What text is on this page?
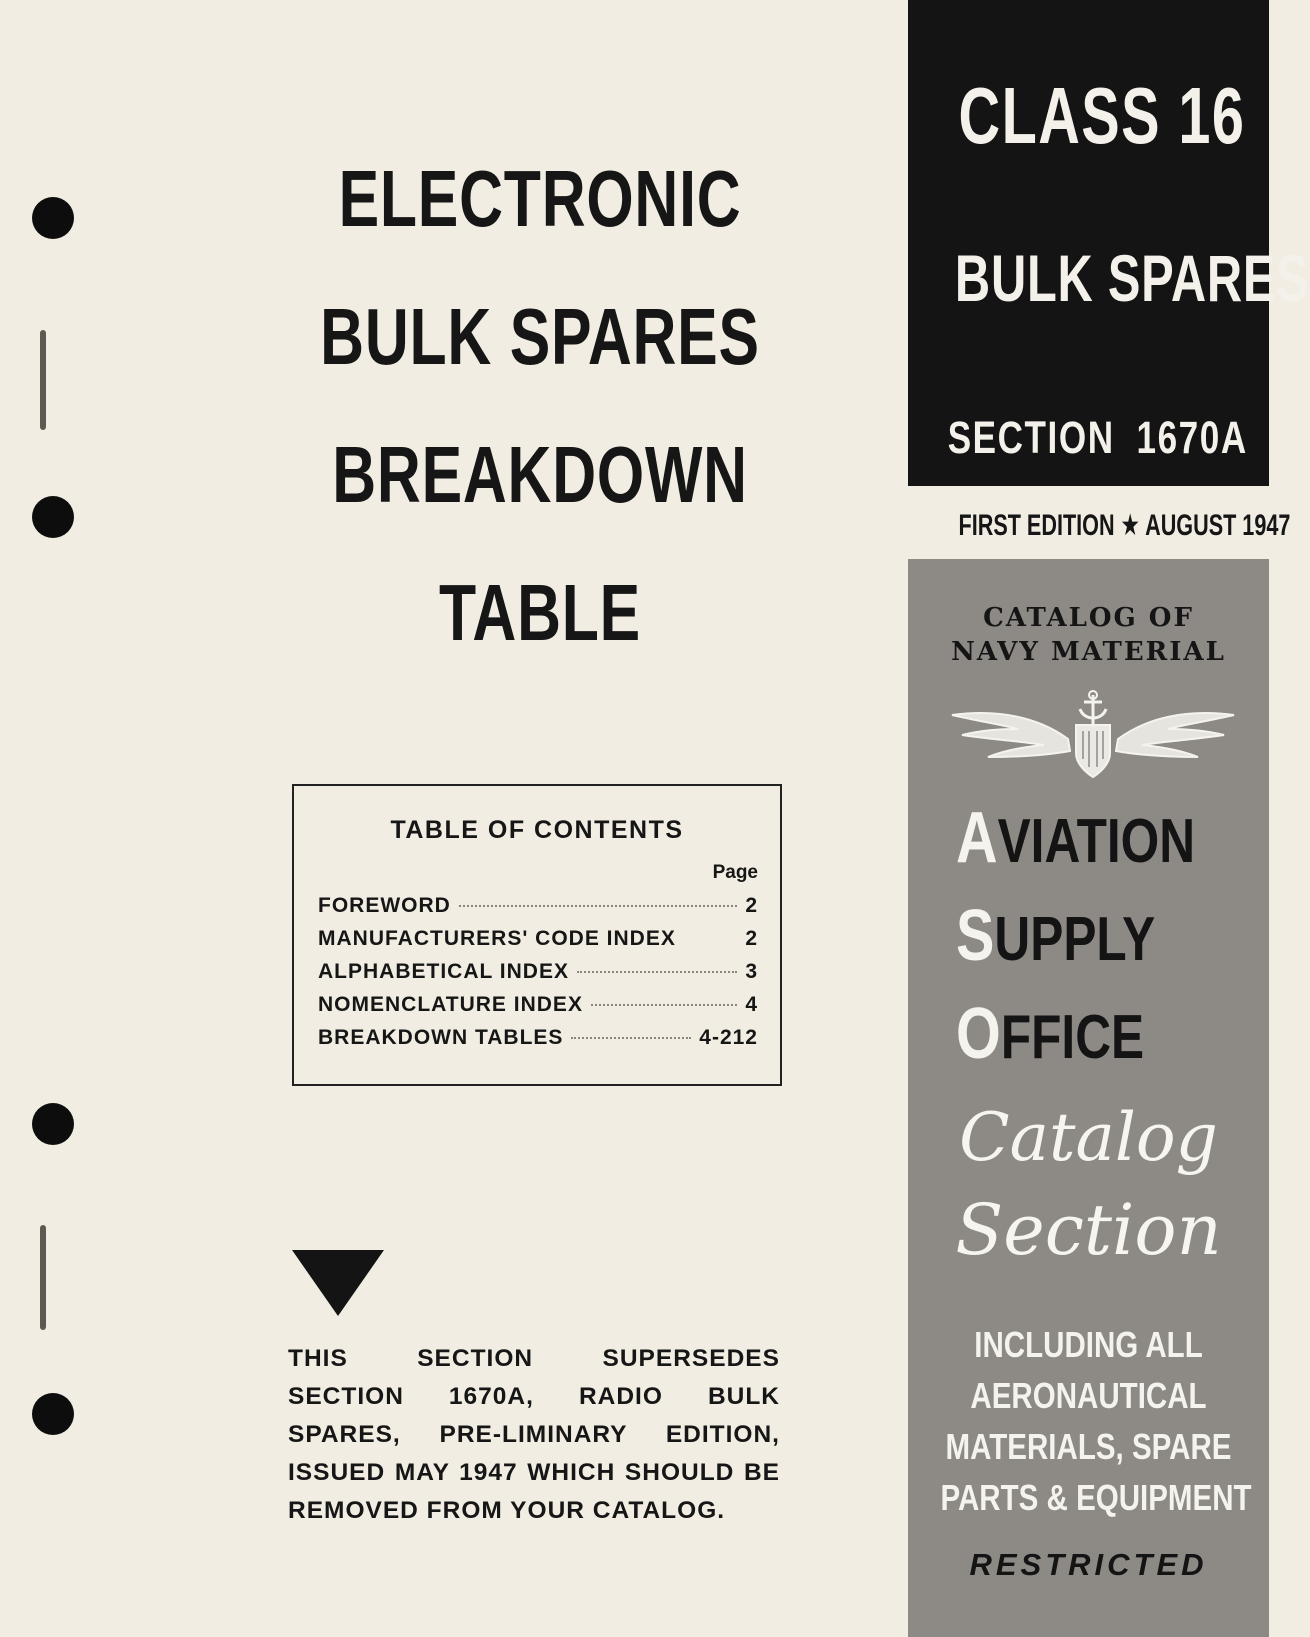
ELECTRONIC
BULK SPARES
BREAKDOWN
TABLE
TABLE OF CONTENTS
Page
FOREWORD	2
MANUFACTURERS' CODE INDEX	2
ALPHABETICAL INDEX	3
NOMENCLATURE INDEX	4
BREAKDOWN TABLES	4-212
THIS SECTION SUPERSEDES SECTION 1670A, RADIO BULK SPARES, PRE-LIMINARY EDITION, ISSUED MAY 1947 WHICH SHOULD BE REMOVED FROM YOUR CATALOG.
CLASS 16
BULK SPARES
SECTION 1670A
FIRST EDITION ★ AUGUST 1947
CATALOG OF
NAVY MATERIAL
AVIATION
SUPPLY
OFFICE
Catalog
Section
INCLUDING ALL
AERONAUTICAL
MATERIALS, SPARE
PARTS & EQUIPMENT
RESTRICTED
